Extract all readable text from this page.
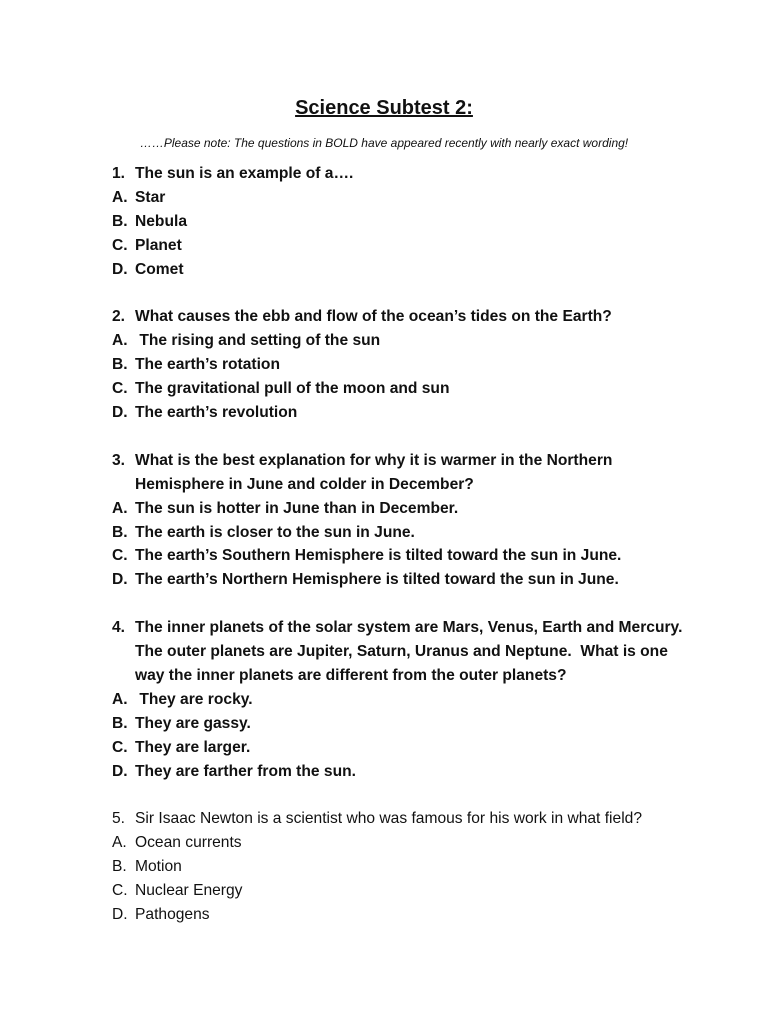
Science Subtest 2:
……Please note: The questions in BOLD have appeared recently with nearly exact wording!
1. The sun is an example of a….
A. Star
B. Nebula
C. Planet
D. Comet
2. What causes the ebb and flow of the ocean’s tides on the Earth?
A. The rising and setting of the sun
B. The earth’s rotation
C. The gravitational pull of the moon and sun
D. The earth’s revolution
3. What is the best explanation for why it is warmer in the Northern
Hemisphere in June and colder in December?
A. The sun is hotter in June than in December.
B. The earth is closer to the sun in June.
C. The earth’s Southern Hemisphere is tilted toward the sun in June.
D. The earth’s Northern Hemisphere is tilted toward the sun in June.
4. The inner planets of the solar system are Mars, Venus, Earth and Mercury.
The outer planets are Jupiter, Saturn, Uranus and Neptune.  What is one
way the inner planets are different from the outer planets?
A. They are rocky.
B. They are gassy.
C. They are larger.
D. They are farther from the sun.
5. Sir Isaac Newton is a scientist who was famous for his work in what field?
A. Ocean currents
B. Motion
C. Nuclear Energy
D. Pathogens
